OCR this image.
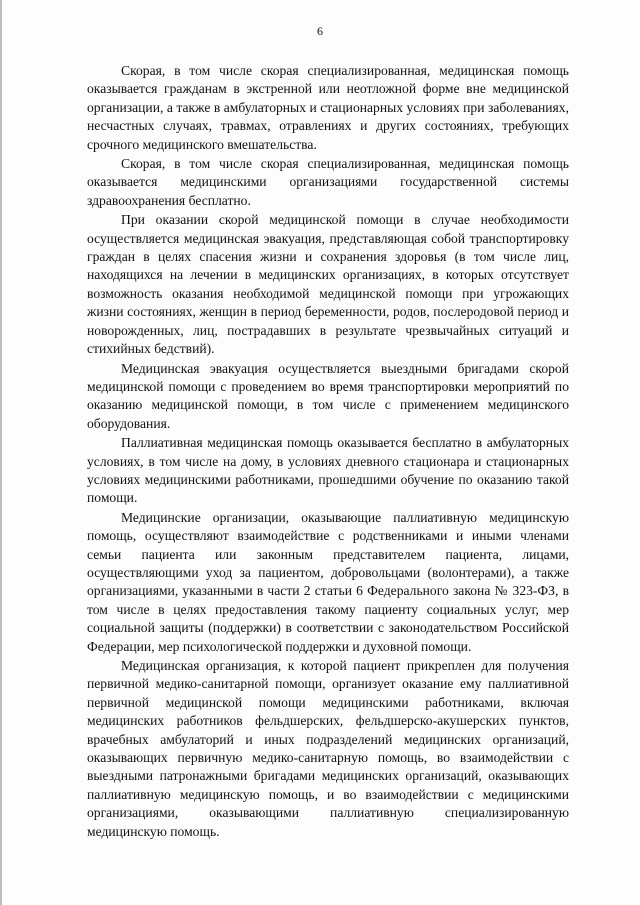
6

Скорая, в том числе скорая специализированная, медицинская помощь оказывается гражданам в экстренной или неотложной форме вне медицинской организации, а также в амбулаторных и стационарных условиях при заболеваниях, несчастных случаях, травмах, отравлениях и других состояниях, требующих срочного медицинского вмешательства.

Скорая, в том числе скорая специализированная, медицинская помощь оказывается медицинскими организациями государственной системы здравоохранения бесплатно.

При оказании скорой медицинской помощи в случае необходимости осуществляется медицинская эвакуация, представляющая собой транспортировку граждан в целях спасения жизни и сохранения здоровья (в том числе лиц, находящихся на лечении в медицинских организациях, в которых отсутствует возможность оказания необходимой медицинской помощи при угрожающих жизни состояниях, женщин в период беременности, родов, послеродовой период и новорожденных, лиц, пострадавших в результате чрезвычайных ситуаций и стихийных бедствий).

Медицинская эвакуация осуществляется выездными бригадами скорой медицинской помощи с проведением во время транспортировки мероприятий по оказанию медицинской помощи, в том числе с применением медицинского оборудования.

Паллиативная медицинская помощь оказывается бесплатно в амбулаторных условиях, в том числе на дому, в условиях дневного стационара и стационарных условиях медицинскими работниками, прошедшими обучение по оказанию такой помощи.

Медицинские организации, оказывающие паллиативную медицинскую помощь, осуществляют взаимодействие с родственниками и иными членами семьи пациента или законным представителем пациента, лицами, осуществляющими уход за пациентом, добровольцами (волонтерами), а также организациями, указанными в части 2 статьи 6 Федерального закона № 323-ФЗ, в том числе в целях предоставления такому пациенту социальных услуг, мер социальной защиты (поддержки) в соответствии с законодательством Российской Федерации, мер психологической поддержки и духовной помощи.

Медицинская организация, к которой пациент прикреплен для получения первичной медико-санитарной помощи, организует оказание ему паллиативной первичной медицинской помощи медицинскими работниками, включая медицинских работников фельдшерских, фельдшерско-акушерских пунктов, врачебных амбулаторий и иных подразделений медицинских организаций, оказывающих первичную медико-санитарную помощь, во взаимодействии с выездными патронажными бригадами медицинских организаций, оказывающих паллиативную медицинскую помощь, и во взаимодействии с медицинскими организациями, оказывающими паллиативную специализированную медицинскую помощь.
